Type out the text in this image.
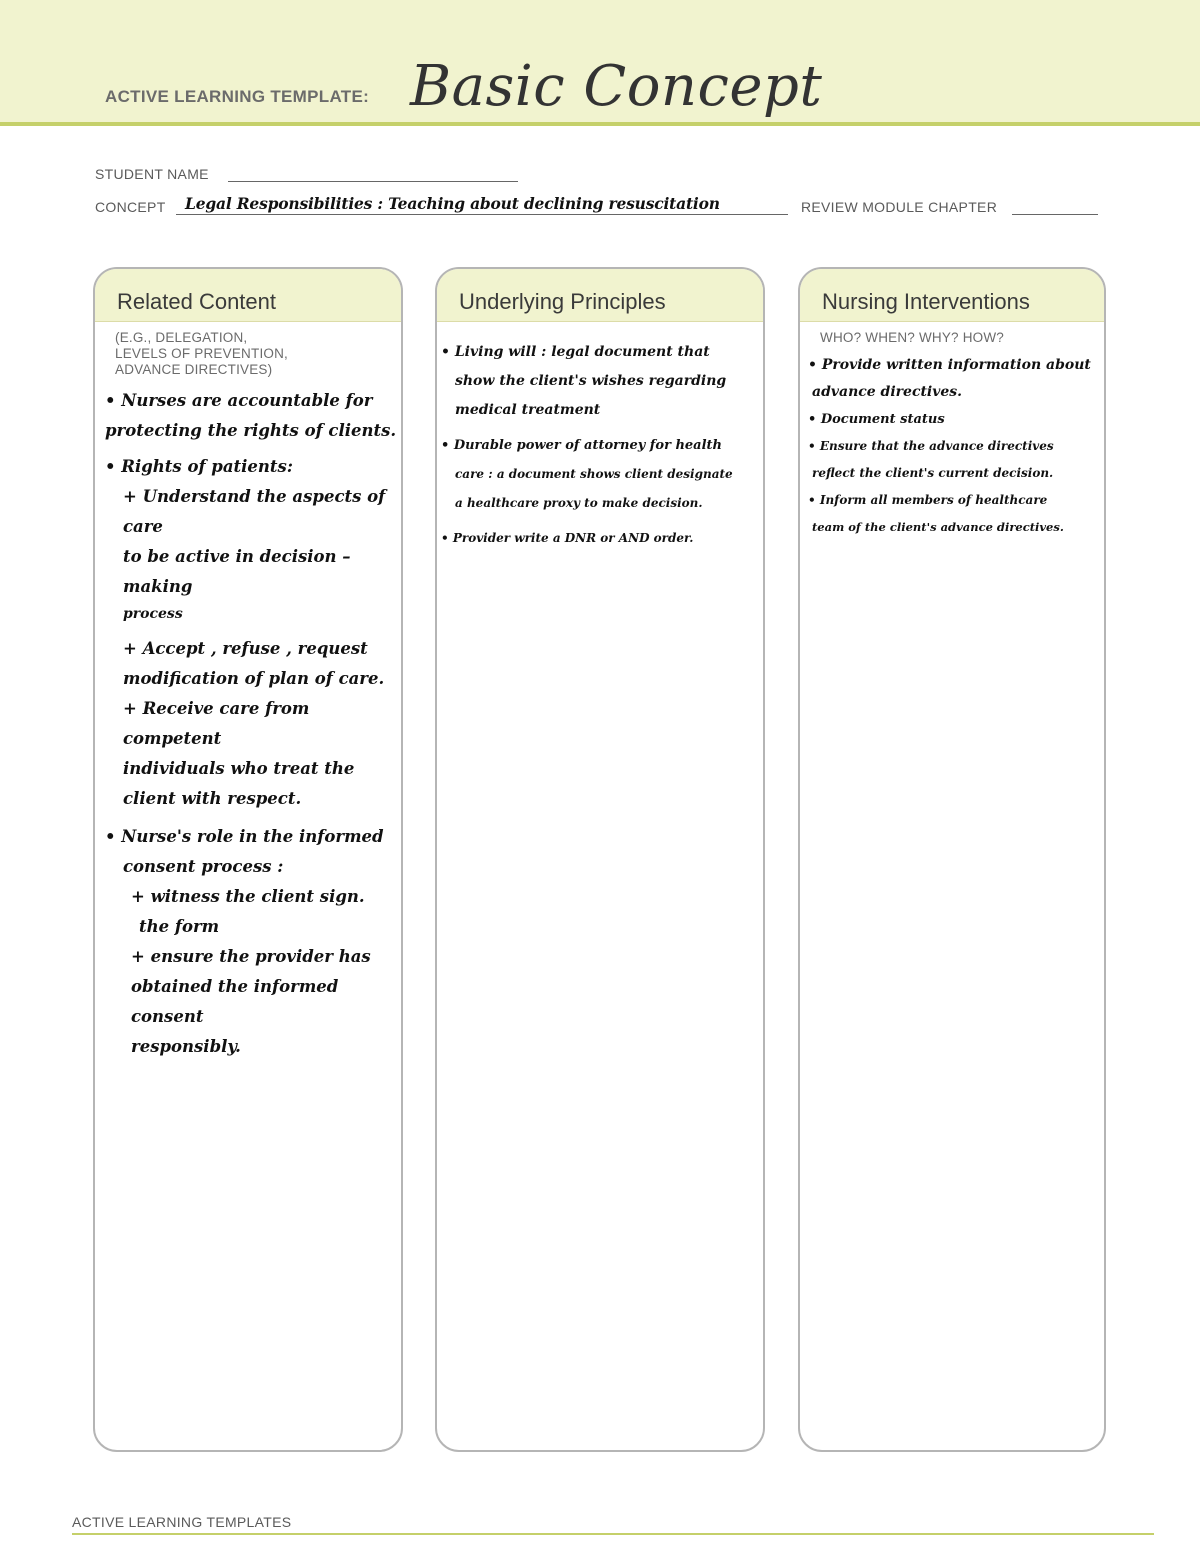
ACTIVE LEARNING TEMPLATE: Basic Concept
STUDENT NAME
CONCEPT Legal Responsibilities : Teaching about declining resuscitation	REVIEW MODULE CHAPTER
Related Content
(E.G., DELEGATION,
LEVELS OF PREVENTION,
ADVANCE DIRECTIVES)
• Nurses are accountable for
protecting the rights of clients.
• Rights of patients:
+ Understand the aspects of care
to be active in decision – making
process
+ Accept , refuse , request
modification of plan of care.
+ Receive care from competent
individuals who treat the
client with respect.
• Nurse's role in the informed
consent process :
+ witness the client sign.
the form
+ ensure the provider has
obtained the informed consent
responsibly.
Underlying Principles
• Living will : legal document that
show the client's wishes regarding
medical treatment
• Durable power of attorney for health
care : a document shows client designate
a healthcare proxy to make decision.
• Provider write a DNR or AND order.
Nursing Interventions
WHO? WHEN? WHY? HOW?
• Provide written information about
advance directives.
• Document status
• Ensure that the advance directives
reflect the client's current decision.
• Inform all members of healthcare
team of the client's advance directives.
ACTIVE LEARNING TEMPLATES
